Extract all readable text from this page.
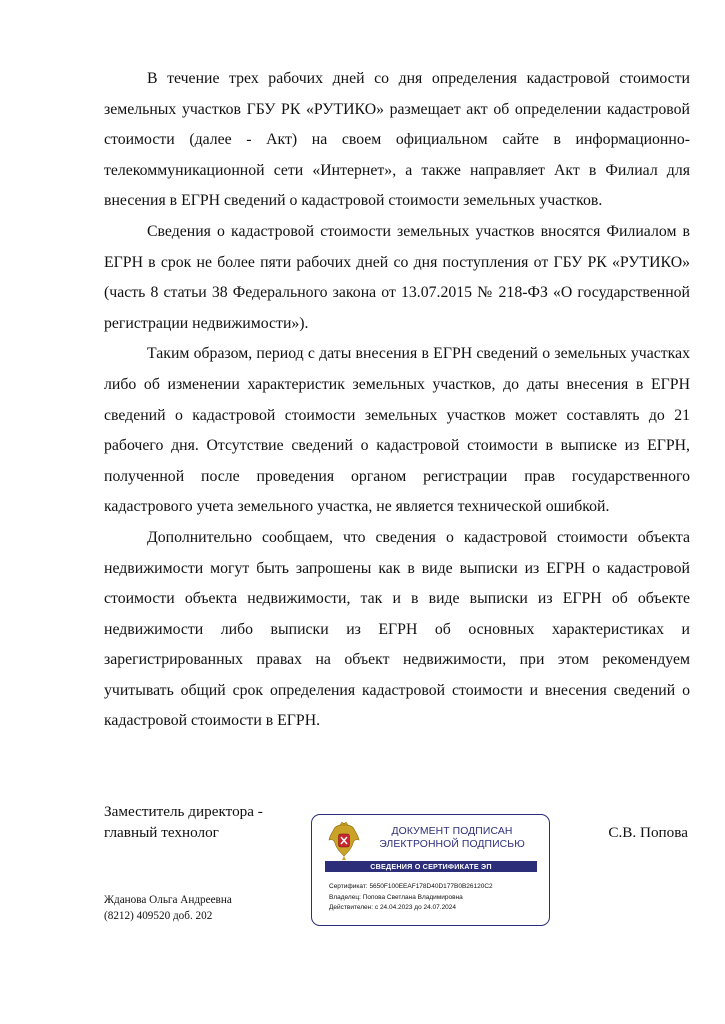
В течение трех рабочих дней со дня определения кадастровой стоимости земельных участков ГБУ РК «РУТИКО» размещает акт об определении кадастровой стоимости (далее - Акт) на своем официальном сайте в информационно-телекоммуникационной сети «Интернет», а также направляет Акт в Филиал для внесения в ЕГРН сведений о кадастровой стоимости земельных участков.

Сведения о кадастровой стоимости земельных участков вносятся Филиалом в ЕГРН в срок не более пяти рабочих дней со дня поступления от ГБУ РК «РУТИКО» (часть 8 статьи 38 Федерального закона от 13.07.2015 № 218-ФЗ «О государственной регистрации недвижимости»).

Таким образом, период с даты внесения в ЕГРН сведений о земельных участках либо об изменении характеристик земельных участков, до даты внесения в ЕГРН сведений о кадастровой стоимости земельных участков может составлять до 21 рабочего дня. Отсутствие сведений о кадастровой стоимости в выписке из ЕГРН, полученной после проведения органом регистрации прав государственного кадастрового учета земельного участка, не является технической ошибкой.

Дополнительно сообщаем, что сведения о кадастровой стоимости объекта недвижимости могут быть запрошены как в виде выписки из ЕГРН о кадастровой стоимости объекта недвижимости, так и в виде выписки из ЕГРН об объекте недвижимости либо выписки из ЕГРН об основных характеристиках и зарегистрированных правах на объект недвижимости, при этом рекомендуем учитывать общий срок определения кадастровой стоимости и внесения сведений о кадастровой стоимости в ЕГРН.

Заместитель директора -
главный технолог	ДОКУМЕНТ ПОДПИСАН
ЭЛЕКТРОННОЙ ПОДПИСЬЮ
СВЕДЕНИЯ О СЕРТИФИКАТЕ ЭП
Сертификат: 5650F100EEAF178D40D177B0B26120C2
Владелец: Попова Светлана Владимировна
Действителен: с 24.04.2023 до 24.07.2024
С.В. Попова
Жданова Ольга Андреевна
(8212) 409520 доб. 202
